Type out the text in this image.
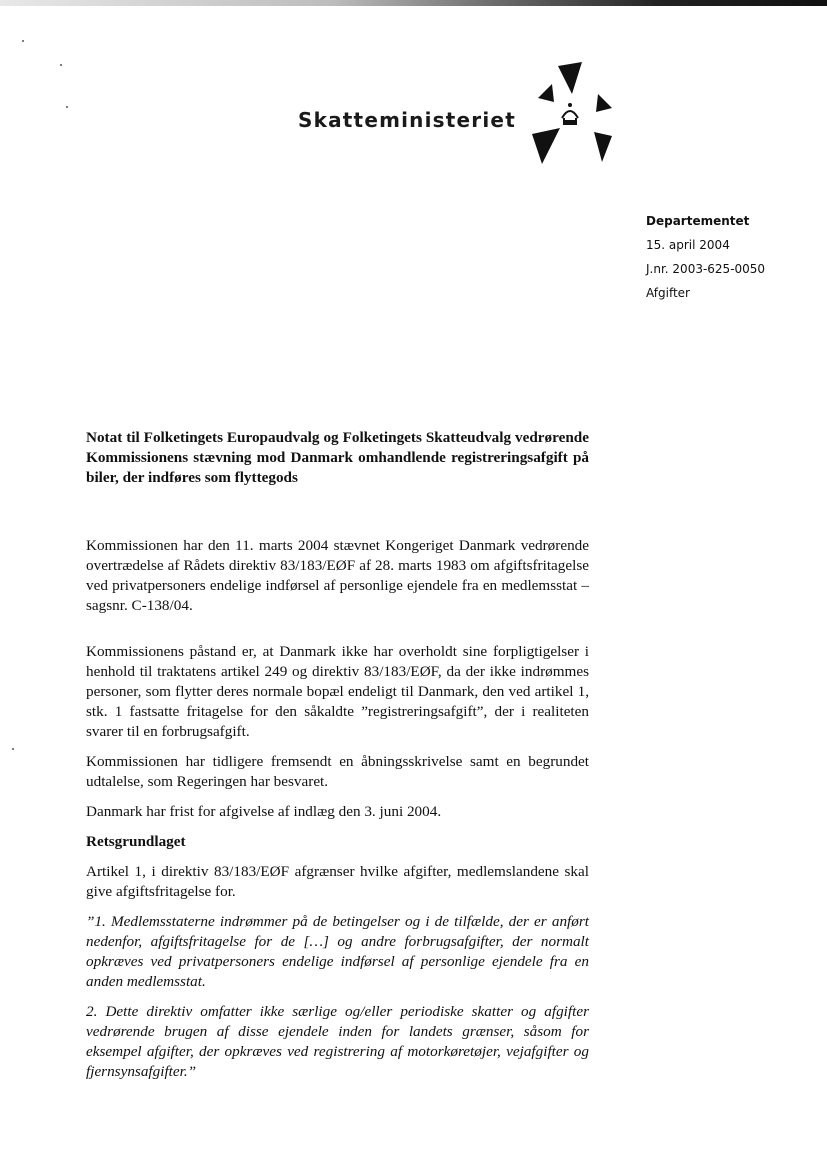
Skatteministeriet
Departementet
15. april 2004
J.nr. 2003-625-0050
Afgifter

Notat til Folketingets Europaudvalg og Folketingets Skatteudvalg vedrørende Kommissionens stævning mod Danmark omhandlende registreringsafgift på biler, der indføres som flyttegods

Kommissionen har den 11. marts 2004 stævnet Kongeriget Danmark vedrørende overtrædelse af Rådets direktiv 83/183/EØF af 28. marts 1983 om afgiftsfritagelse ved privatpersoners endelige indførsel af personlige ejendele fra en medlemsstat – sagsnr. C-138/04.

Kommissionens påstand er, at Danmark ikke har overholdt sine forpligtigelser i henhold til traktatens artikel 249 og direktiv 83/183/EØF, da der ikke indrømmes personer, som flytter deres normale bopæl endeligt til Danmark, den ved artikel 1, stk. 1 fastsatte fritagelse for den såkaldte ”registreringsafgift”, der i realiteten svarer til en forbrugsafgift.

Kommissionen har tidligere fremsendt en åbningsskrivelse samt en begrundet udtalelse, som Regeringen har besvaret.

Danmark har frist for afgivelse af indlæg den 3. juni 2004.

Retsgrundlaget

Artikel 1, i direktiv 83/183/EØF afgrænser hvilke afgifter, medlemslandene skal give afgiftsfritagelse for.

”1. Medlemsstaterne indrømmer på de betingelser og i de tilfælde, der er anført nedenfor, afgiftsfritagelse for de […] og andre forbrugsafgifter, der normalt opkræves ved privatpersoners endelige indførsel af personlige ejendele fra en anden medlemsstat.

2. Dette direktiv omfatter ikke særlige og/eller periodiske skatter og afgifter vedrørende brugen af disse ejendele inden for landets grænser, såsom for eksempel afgifter, der opkræves ved registrering af motorkøretøjer, vejafgifter og fjernsynsafgifter.”
